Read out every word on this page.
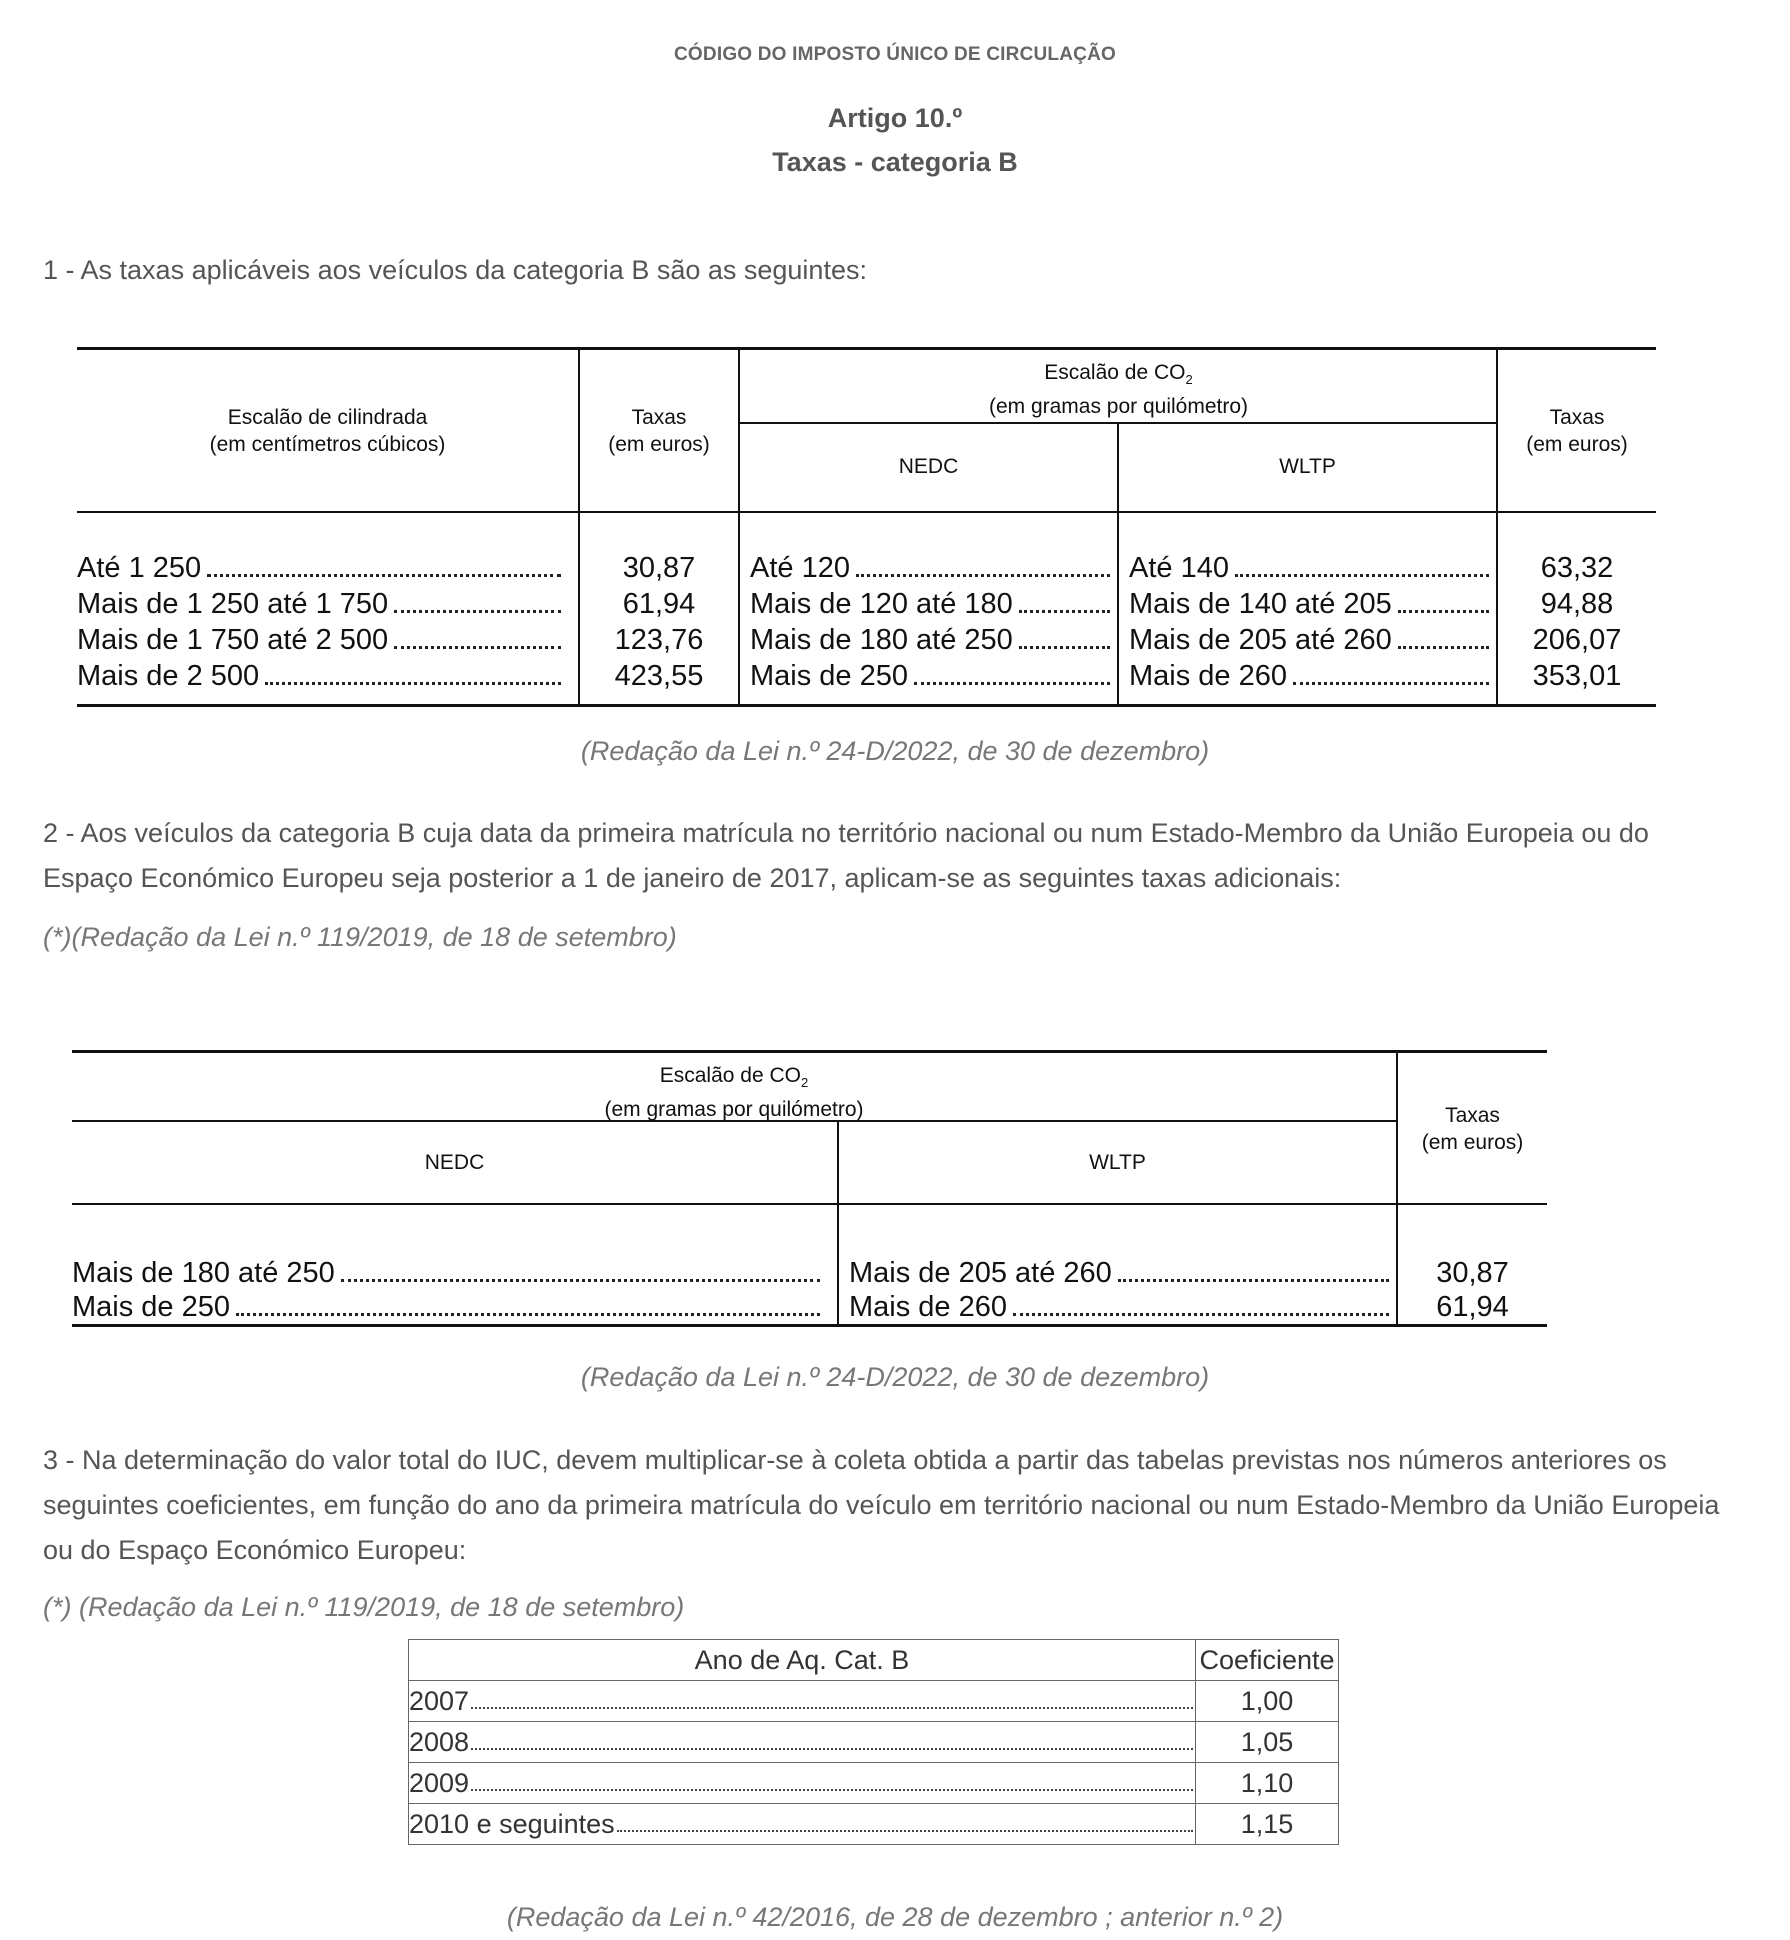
CÓDIGO DO IMPOSTO ÚNICO DE CIRCULAÇÃO
Artigo 10.º
Taxas - categoria B

1 - As taxas aplicáveis aos veículos da categoria B são as seguintes:

Escalão de cilindrada
(em centímetros cúbicos)
Taxas
(em euros)
Escalão de $CO_2$
(em gramas por quilómetro)
NEDC	WLTP
Taxas
(em euros)
Até 1 250	30,87	Até 120	Até 140	63,32
Mais de 1 250 até 1 750	61,94	Mais de 120 até 180	Mais de 140 até 205	94,88
Mais de 1 750 até 2 500	123,76	Mais de 180 até 250	Mais de 205 até 260	206,07
Mais de 2 500	423,55	Mais de 250	Mais de 260	353,01
(Redação da Lei n.º 24-D/2022, de 30 de dezembro)

2 - Aos veículos da categoria B cuja data da primeira matrícula no território nacional ou num Estado-Membro da União Europeia ou do Espaço Económico Europeu seja posterior a 1 de janeiro de 2017, aplicam-se as seguintes taxas adicionais:

(*)(Redação da Lei n.º 119/2019, de 18 de setembro)
Escalão de $CO_2$
(em gramas por quilómetro)
NEDC	WLTP
Taxas
(em euros)
Mais de 180 até 250	Mais de 205 até 260	30,87
Mais de 250	Mais de 260	61,94
(Redação da Lei n.º 24-D/2022, de 30 de dezembro)

3 - Na determinação do valor total do IUC, devem multiplicar-se à coleta obtida a partir das tabelas previstas nos números anteriores os seguintes coeficientes, em função do ano da primeira matrícula do veículo em território nacional ou num Estado-Membro da União Europeia ou do Espaço Económico Europeu:

(*) (Redação da Lei n.º 119/2019, de 18 de setembro)
Ano de Aq. Cat. B	Coeficiente

2007	1,00

2008	1,05

2009	1,10

2010 e seguintes	1,15
(Redação da Lei n.º 42/2016, de 28 de dezembro ; anterior n.º 2)
